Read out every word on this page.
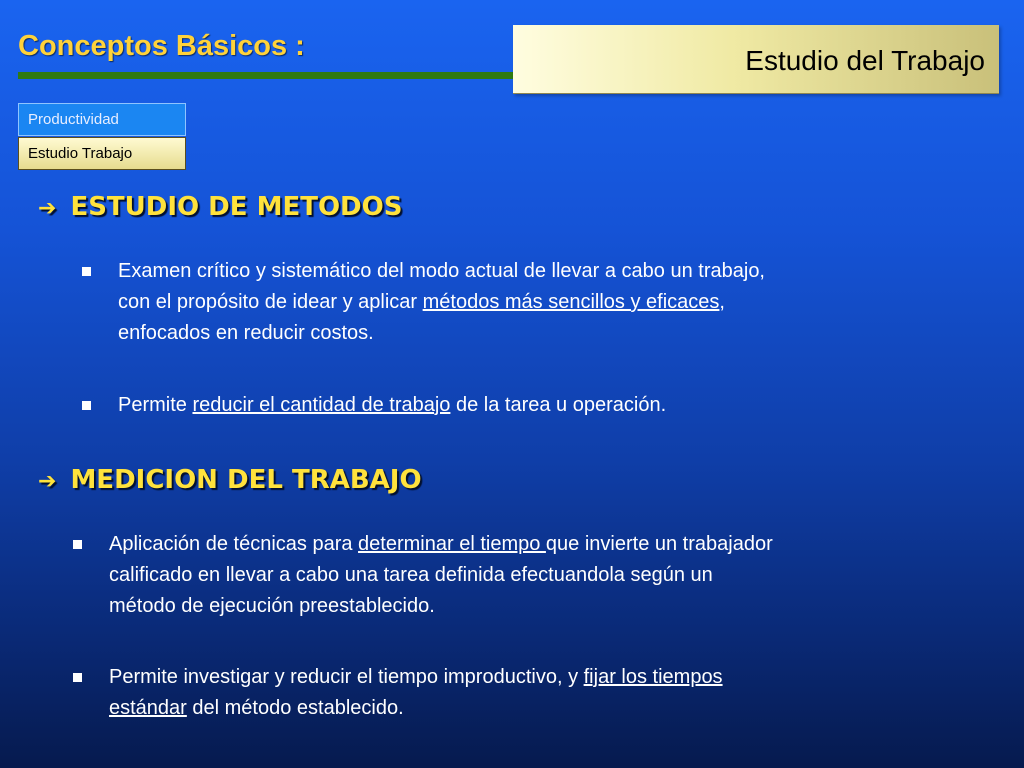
Conceptos Básicos :	Estudio del Trabajo
Productividad
Estudio Trabajo
➔ ESTUDIO DE METODOS
Examen crítico y sistemático del modo actual de llevar a cabo un trabajo,
con el propósito de idear y aplicar métodos más sencillos y eficaces,
enfocados en reducir costos.
Permite reducir el cantidad de trabajo de la tarea u operación.
➔ MEDICION DEL TRABAJO
Aplicación de técnicas para determinar el tiempo que invierte un trabajador
calificado en llevar a cabo una tarea definida efectuandola según un
método de ejecución preestablecido.
Permite investigar y reducir el tiempo improductivo, y fijar los tiempos
estándar del método establecido.
